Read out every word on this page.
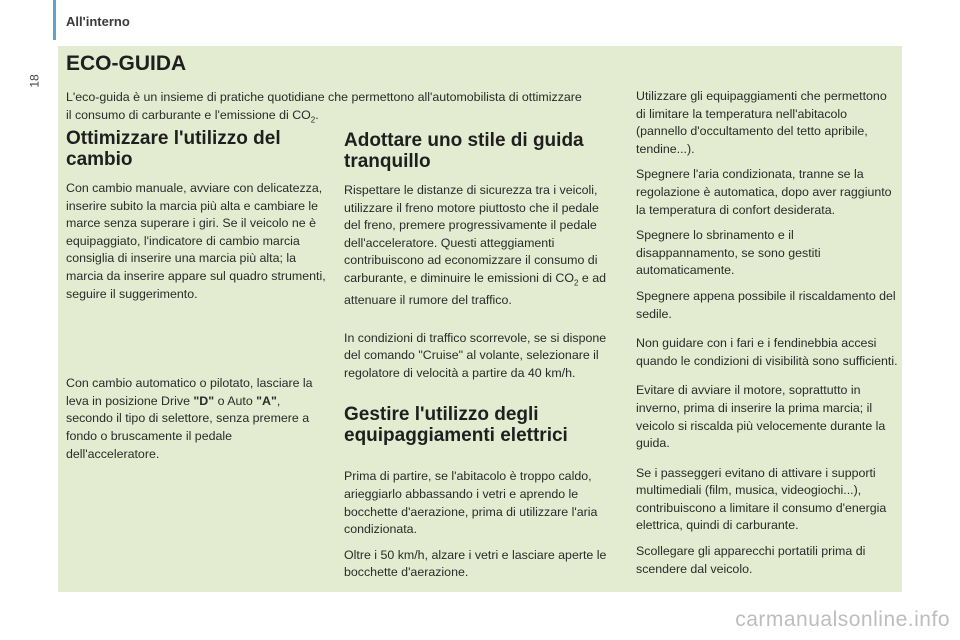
All'interno
18
ECO-GUIDA
L'eco-guida è un insieme di pratiche quotidiane che permettono all'automobilista di ottimizzare il consumo di carburante e l'emissione di $CO_2$.
Ottimizzare l'utilizzo del cambio

Con cambio manuale, avviare con delicatezza, inserire subito la marcia più alta e cambiare le marce senza superare i giri. Se il veicolo ne è equipaggiato, l'indicatore di cambio marcia consiglia di inserire una marcia più alta; la marcia da inserire appare sul quadro strumenti, seguire il suggerimento.

Con cambio automatico o pilotato, lasciare la leva in posizione Drive "D" o Auto "A", secondo il tipo di selettore, senza premere a fondo o bruscamente il pedale dell'acceleratore.

Adottare uno stile di guida tranquillo

Rispettare le distanze di sicurezza tra i veicoli, utilizzare il freno motore piuttosto che il pedale del freno, premere progressivamente il pedale dell'acceleratore. Questi atteggiamenti contribuiscono ad economizzare il consumo di carburante, e diminuire le emissioni di $CO_2$ e ad attenuare il rumore del traffico.

In condizioni di traffico scorrevole, se si dispone del comando "Cruise" al volante, selezionare il regolatore di velocità a partire da 40 km/h.

Gestire l'utilizzo degli equipaggiamenti elettrici

Prima di partire, se l'abitacolo è troppo caldo, arieggiarlo abbassando i vetri e aprendo le bocchette d'aerazione, prima di utilizzare l'aria condizionata.

Oltre i 50 km/h, alzare i vetri e lasciare aperte le bocchette d'aerazione.

Utilizzare gli equipaggiamenti che permettono di limitare la temperatura nell'abitacolo (pannello d'occultamento del tetto apribile, tendine...).

Spegnere l'aria condizionata, tranne se la regolazione è automatica, dopo aver raggiunto la temperatura di confort desiderata.

Spegnere lo sbrinamento e il disappannamento, se sono gestiti automaticamente.

Spegnere appena possibile il riscaldamento del sedile.

Non guidare con i fari e i fendinebbia accesi quando le condizioni di visibilità sono sufficienti.

Evitare di avviare il motore, soprattutto in inverno, prima di inserire la prima marcia; il veicolo si riscalda più velocemente durante la guida.

Se i passeggeri evitano di attivare i supporti multimediali (film, musica, videogiochi...), contribuiscono a limitare il consumo d'energia elettrica, quindi di carburante.

Scollegare gli apparecchi portatili prima di scendere dal veicolo.

carmanualsonline.info
